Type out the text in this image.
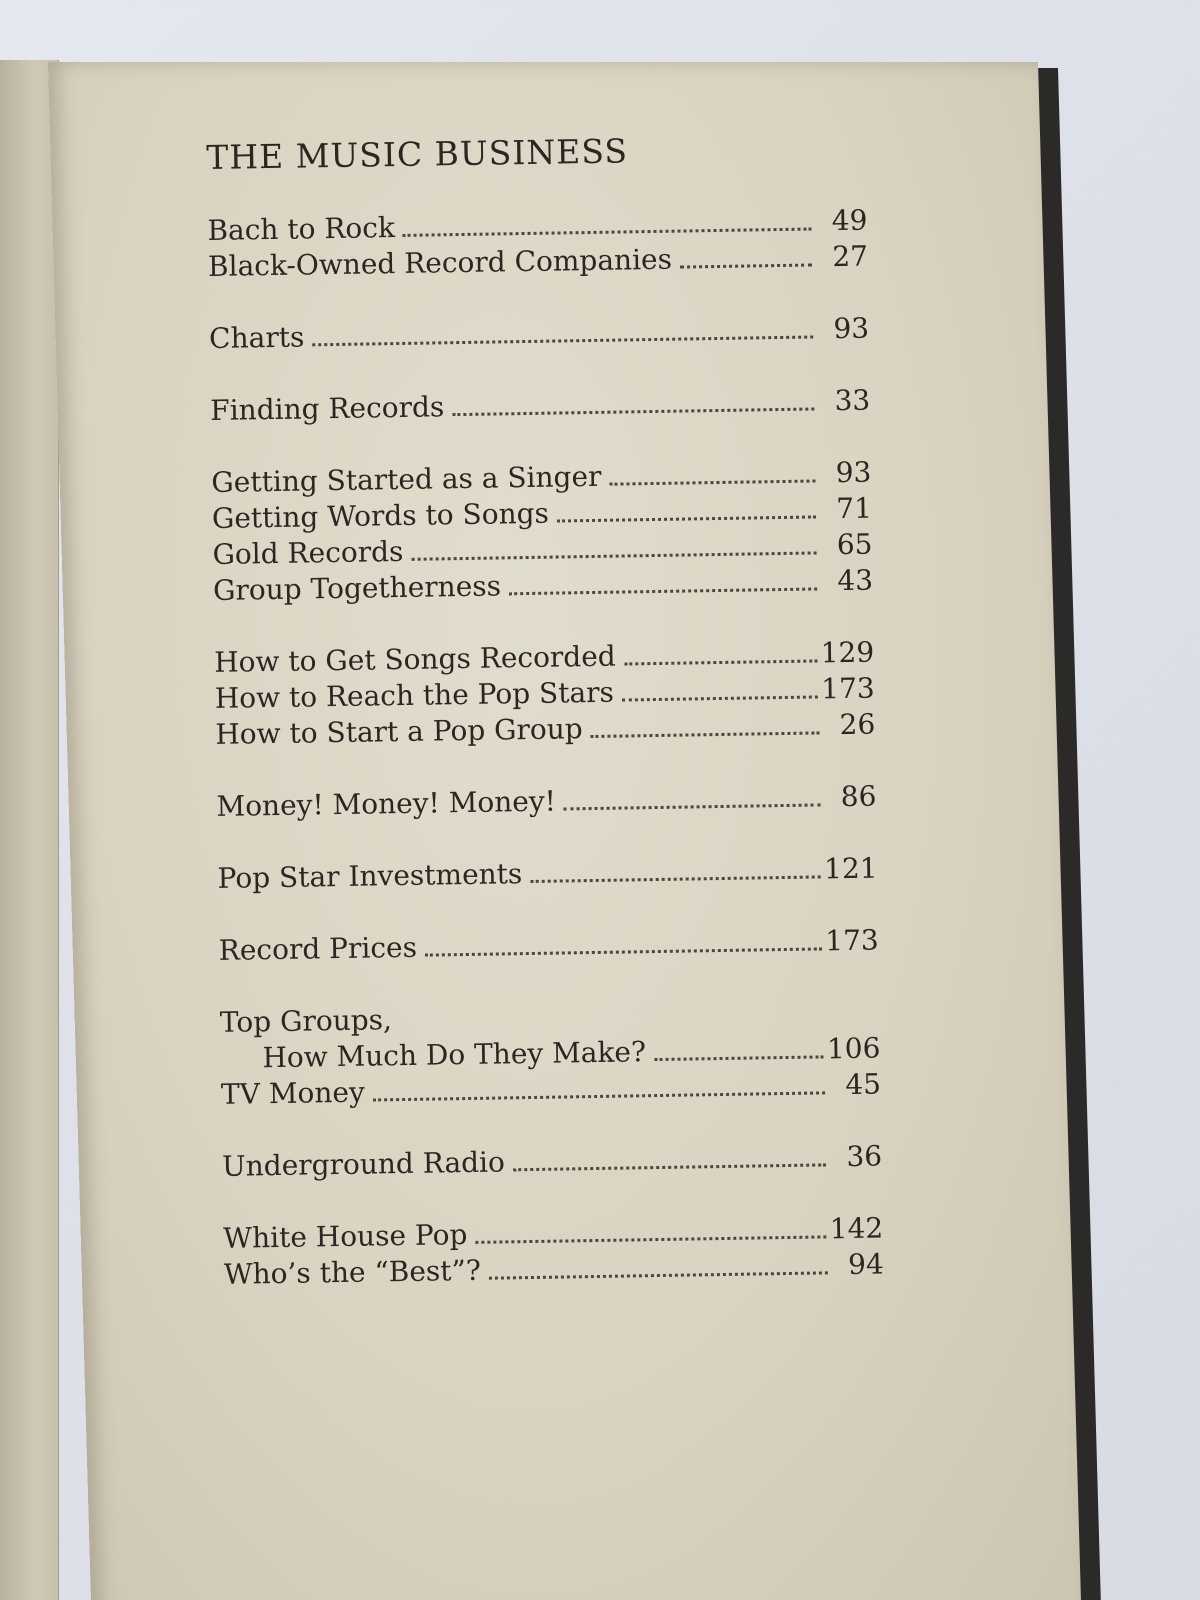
THE MUSIC BUSINESS
Bach to Rock	49
Black-Owned Record Companies	27
Charts	93
Finding Records	33
Getting Started as a Singer	93
Getting Words to Songs	71
Gold Records	65
Group Togetherness	43
How to Get Songs Recorded	129
How to Reach the Pop Stars	173
How to Start a Pop Group	26
Money! Money! Money!	86
Pop Star Investments	121
Record Prices	173
Top Groups,
How Much Do They Make?	106
TV Money	45
Underground Radio	36
White House Pop	142
Who’s the “Best”?	94
